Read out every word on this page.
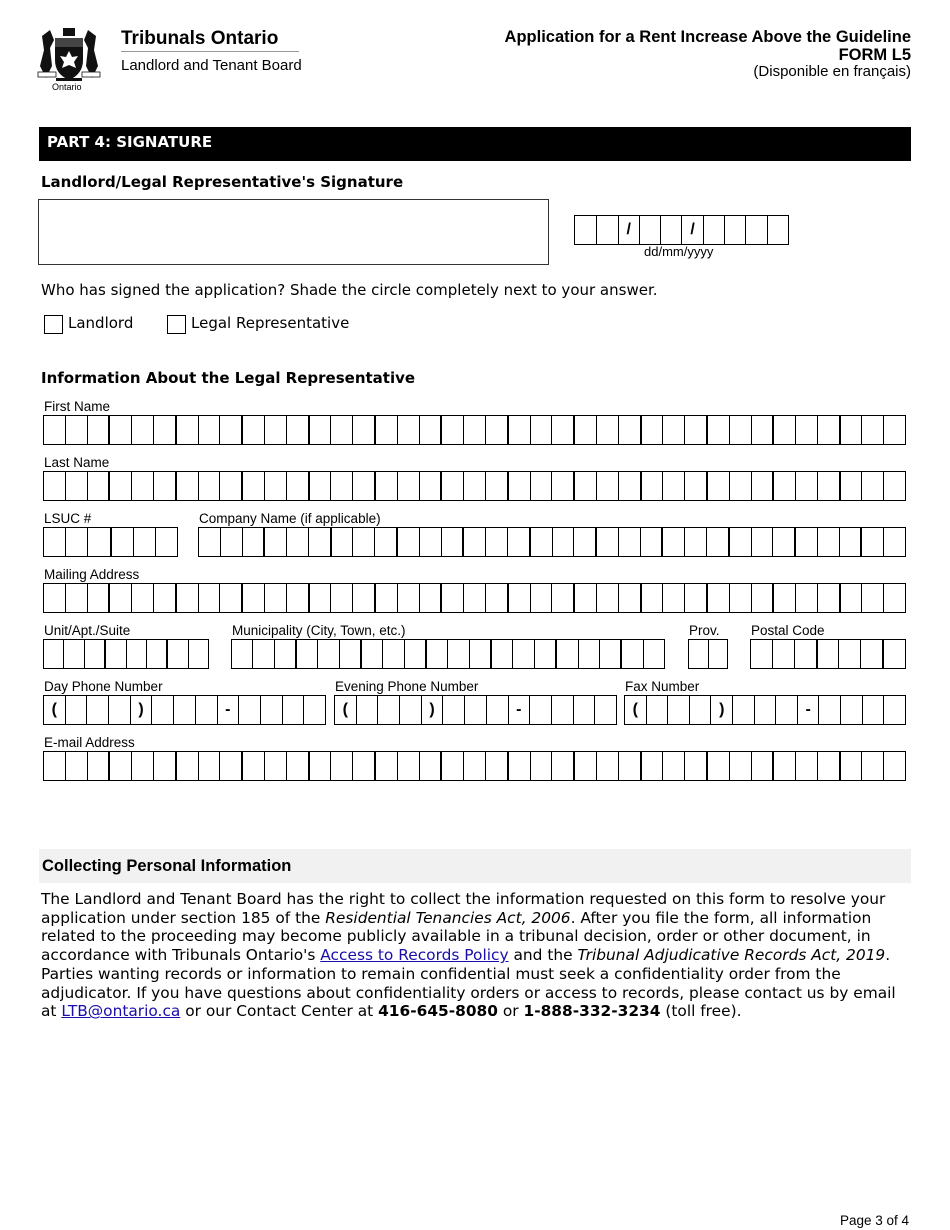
Ontario
Tribunals Ontario
Landlord and Tenant Board
Application for a Rent Increase Above the Guideline
FORM L5
(Disponible en français)
PART 4: SIGNATURE
Landlord/Legal Representative's Signature
/	/
dd/mm/yyyy
Who has signed the application? Shade the circle completely next to your answer.
Landlord	Legal Representative
Information About the Legal Representative
First Name
Last Name
LSUC #	Company Name (if applicable)
Mailing Address
Unit/Apt./Suite	Municipality (City, Town, etc.)	Prov. Postal Code
Day Phone Number
(	)	-
Evening Phone Number
(	)	-
Fax Number
(	)	-
E-mail Address
Collecting Personal Information
The Landlord and Tenant Board has the right to collect the information requested on this form to resolve your application under section 185 of the Residential Tenancies Act, 2006. After you file the form, all information related to the proceeding may become publicly available in a tribunal decision, order or other document, in accordance with Tribunals Ontario's Access to Records Policy and the Tribunal Adjudicative Records Act, 2019. Parties wanting records or information to remain confidential must seek a confidentiality order from the adjudicator. If you have questions about confidentiality orders or access to records, please contact us by email at LTB@ontario.ca or our Contact Center at 416-645-8080 or 1-888-332-3234 (toll free).
Page 3 of 4
